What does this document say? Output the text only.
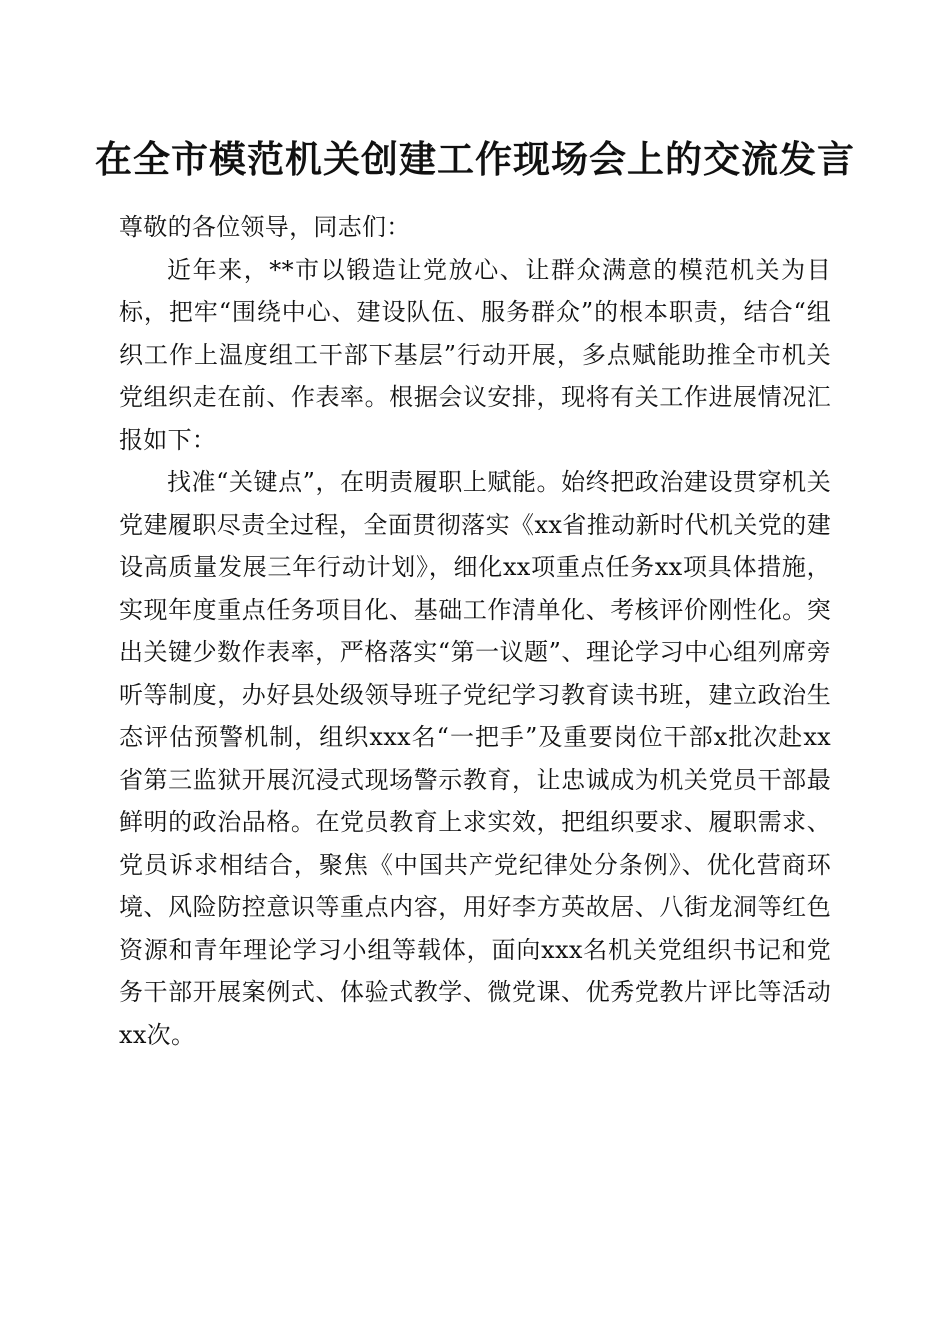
在全市模范机关创建工作现场会上的交流发言

尊敬的各位领导，同志们：

近年来，**市以锻造让党放心、让群众满意的模范机关为目标，把牢“围绕中心、建设队伍、服务群众”的根本职责，结合“组织工作上温度组工干部下基层”行动开展，多点赋能助推全市机关党组织走在前、作表率。根据会议安排，现将有关工作进展情况汇报如下：

找准“关键点”，在明责履职上赋能。始终把政治建设贯穿机关党建履职尽责全过程，全面贯彻落实《xx省推动新时代机关党的建设高质量发展三年行动计划》，细化xx项重点任务xx项具体措施，实现年度重点任务项目化、基础工作清单化、考核评价刚性化。突出关键少数作表率，严格落实“第一议题”、理论学习中心组列席旁听等制度，办好县处级领导班子党纪学习教育读书班，建立政治生态评估预警机制，组织xxx名“一把手”及重要岗位干部x批次赴xx省第三监狱开展沉浸式现场警示教育，让忠诚成为机关党员干部最鲜明的政治品格。在党员教育上求实效，把组织要求、履职需求、党员诉求相结合，聚焦《中国共产党纪律处分条例》、优化营商环境、风险防控意识等重点内容，用好李方英故居、八街龙洞等红色资源和青年理论学习小组等载体，面向xxx名机关党组织书记和党务干部开展案例式、体验式教学、微党课、优秀党教片评比等活动xx次。
